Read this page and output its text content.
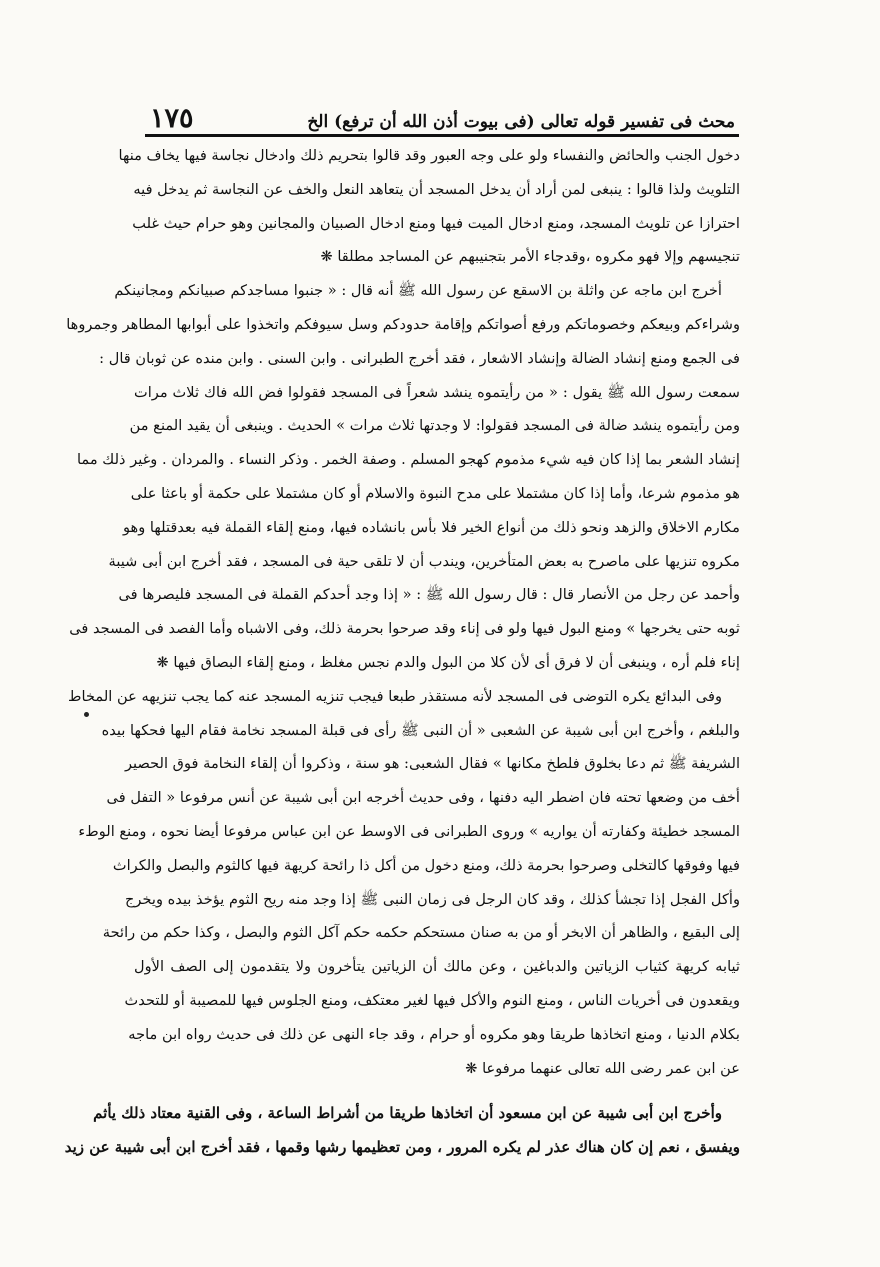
١٧٥	محث فى تفسير قوله تعالى (فى بيوت أذن الله أن ترفع) الخ
دخول الجنب والحائض والنفساء ولو على وجه العبور وقد قالوا بتحريم ذلك وادخال نجاسة فيها يخاف منها
التلويث ولذا قالوا : ينبغى لمن أراد أن يدخل المسجد أن يتعاهد النعل والخف عن النجاسة ثم يدخل فيه
احترازا عن تلويث المسجد، ومنع ادخال الميت فيها ومنع ادخال الصبيان والمجانين وهو حرام حيث غلب
تنجيسهم وإلا فهو مكروه ،وقدجاء الأمر بتجنيبهم عن المساجد مطلقا ❋
أخرج ابن ماجه عن واثلة بن الاسقع عن رسول الله ﷺ أنه قال : « جنبوا مساجدكم صبيانكم ومجانينكم
وشراءكم وبيعكم وخصوماتكم ورفع أصواتكم وإقامة حدودكم وسل سيوفكم واتخذوا على أبوابها المطاهر وجمروها
فى الجمع ومنع إنشاد الضالة وإنشاد الاشعار ، فقد أخرج الطبرانى . وابن السنى . وابن منده عن ثوبان قال :
سمعت رسول الله ﷺ يقول : « من رأيتموه ينشد شعراً فى المسجد فقولوا فض الله فاك ثلاث مرات
ومن رأيتموه ينشد ضالة فى المسجد فقولوا: لا وجدتها ثلاث مرات » الحديث . وينبغى أن يقيد المنع من
إنشاد الشعر بما إذا كان فيه شيء مذموم كهجو المسلم . وصفة الخمر . وذكر النساء . والمردان . وغير ذلك مما
هو مذموم شرعا، وأما إذا كان مشتملا على مدح النبوة والاسلام أو كان مشتملا على حكمة أو باعثا على
مكارم الاخلاق والزهد ونحو ذلك من أنواع الخير فلا بأس بانشاده فيها، ومنع إلقاء القملة فيه بعدقتلها وهو
مكروه تنزيها على ماصرح به بعض المتأخرين، ويندب أن لا تلقى حية فى المسجد ، فقد أخرج ابن أبى شيبة
وأحمد عن رجل من الأنصار قال : قال رسول الله ﷺ : « إذا وجد أحدكم القملة فى المسجد فليصرها فى
ثوبه حتى يخرجها » ومنع البول فيها ولو فى إناء وقد صرحوا بحرمة ذلك، وفى الاشباه وأما الفصد فى المسجد فى
إناء فلم أره ، وينبغى أن لا فرق أى لأن كلا من البول والدم نجس مغلظ ، ومنع إلقاء البصاق فيها ❋
وفى البدائع يكره التوضى فى المسجد لأنه مستقذر طبعا فيجب تنزيه المسجد عنه كما يجب تنزيهه عن المخاط
والبلغم ، وأخرج ابن أبى شيبة عن الشعبى « أن النبى ﷺ رأى فى قبلة المسجد نخامة فقام اليها فحكها بيده
الشريفة ﷺ ثم دعا بخلوق فلطخ مكانها » فقال الشعبى: هو سنة ، وذكروا أن إلقاء النخامة فوق الحصير
أخف من وضعها تحته فان اضطر اليه دفنها ، وفى حديث أخرجه ابن أبى شيبة عن أنس مرفوعا « التفل فى
المسجد خطيئة وكفارته أن يواريه » وروى الطبرانى فى الاوسط عن ابن عباس مرفوعا أيضا نحوه ، ومنع الوطء
فيها وفوقها كالتخلى وصرحوا بحرمة ذلك، ومنع دخول من أكل ذا رائحة كريهة فيها كالثوم والبصل والكراث
وأكل الفجل إذا تجشأ كذلك ، وقد كان الرجل فى زمان النبى ﷺ إذا وجد منه ريح الثوم يؤخذ بيده ويخرج
إلى البقيع ، والظاهر أن الابخر أو من به صنان مستحكم حكمه حكم آكل الثوم والبصل ، وكذا حكم من رائحة
ثيابه كريهة كثياب الزياتين والدباغين ، وعن مالك أن الزياتين يتأخرون ولا يتقدمون إلى الصف الأول
ويقعدون فى أخريات الناس ، ومنع النوم والأكل فيها لغير معتكف، ومنع الجلوس فيها للمصيبة أو للتحدث
بكلام الدنيا ، ومنع اتخاذها طريقا وهو مكروه أو حرام ، وقد جاء النهى عن ذلك فى حديث رواه ابن ماجه
عن ابن عمر رضى الله تعالى عنهما مرفوعا ❋
وأخرج ابن أبى شيبة عن ابن مسعود أن اتخاذها طريقا من أشراط الساعة ، وفى القنية معتاد ذلك يأثم
ويفسق ، نعم إن كان هناك عذر لم يكره المرور ، ومن تعظيمها رشها وقمها ، فقد أخرج ابن أبى شيبة عن زيد
